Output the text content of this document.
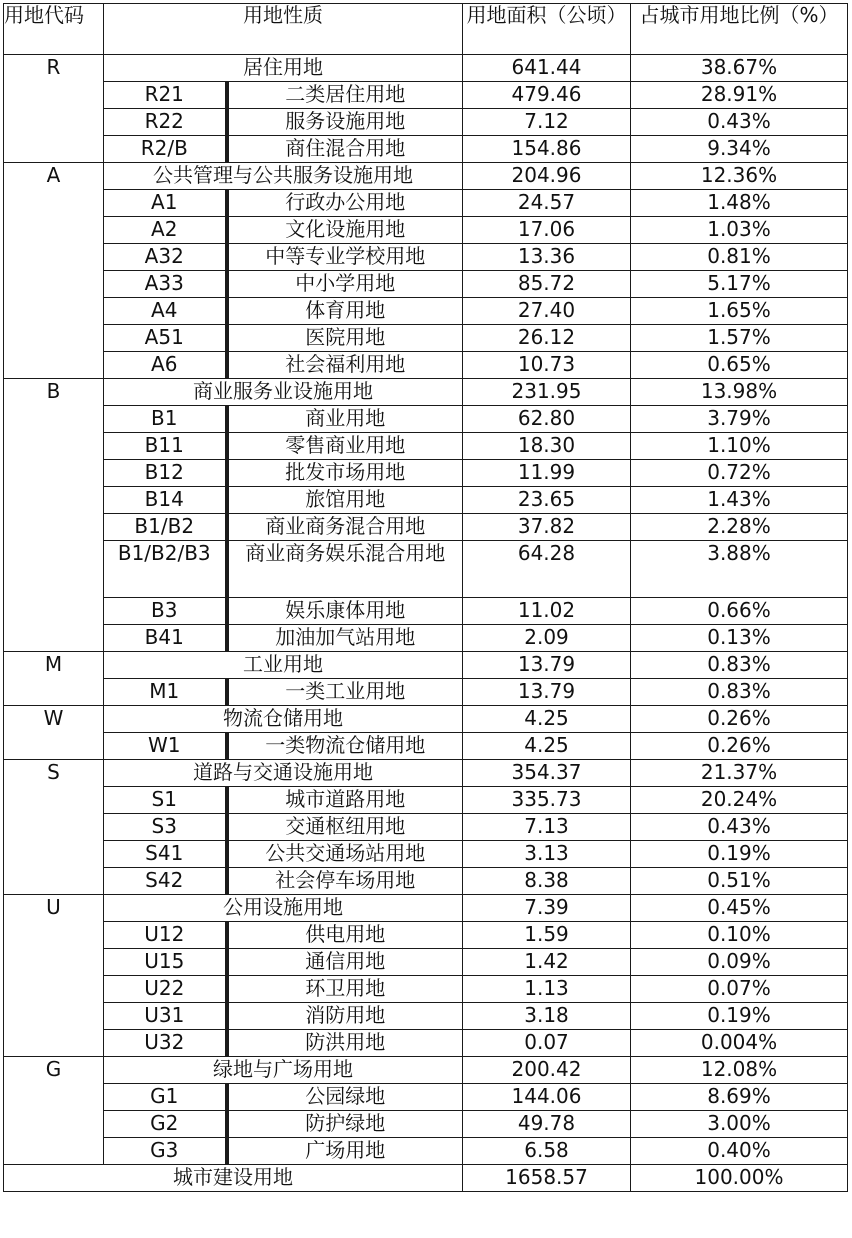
用地代码	用地性质		用地面积（公顷）	占城市用地比例（%）
R	居住用地		641.44	38.67%
	R21	二类居住用地	479.46	28.91%
	R22	服务设施用地	7.12	0.43%
	R2/B	商住混合用地	154.86	9.34%
A	公共管理与公共服务设施用地		204.96	12.36%
	A1	行政办公用地	24.57	1.48%
	A2	文化设施用地	17.06	1.03%
	A32	中等专业学校用地	13.36	0.81%
	A33	中小学用地	85.72	5.17%
	A4	体育用地	27.40	1.65%
	A51	医院用地	26.12	1.57%
	A6	社会福利用地	10.73	0.65%
B	商业服务业设施用地		231.95	13.98%
	B1	商业用地	62.80	3.79%
	B11	零售商业用地	18.30	1.10%
	B12	批发市场用地	11.99	0.72%
	B14	旅馆用地	23.65	1.43%
	B1/B2	商业商务混合用地	37.82	2.28%
	B1/B2/B3	商业商务娱乐混合用地	64.28	3.88%
	B3	娱乐康体用地	11.02	0.66%
	B41	加油加气站用地	2.09	0.13%
M	工业用地		13.79	0.83%
	M1	一类工业用地	13.79	0.83%
W	物流仓储用地		4.25	0.26%
	W1	一类物流仓储用地	4.25	0.26%
S	道路与交通设施用地		354.37	21.37%
	S1	城市道路用地	335.73	20.24%
	S3	交通枢纽用地	7.13	0.43%
	S41	公共交通场站用地	3.13	0.19%
	S42	社会停车场用地	8.38	0.51%
U	公用设施用地		7.39	0.45%
	U12	供电用地	1.59	0.10%
	U15	通信用地	1.42	0.09%
	U22	环卫用地	1.13	0.07%
	U31	消防用地	3.18	0.19%
	U32	防洪用地	0.07	0.004%
G	绿地与广场用地		200.42	12.08%
	G1	公园绿地	144.06	8.69%
	G2	防护绿地	49.78	3.00%
	G3	广场用地	6.58	0.40%
城市建设用地			1658.57	100.00%
